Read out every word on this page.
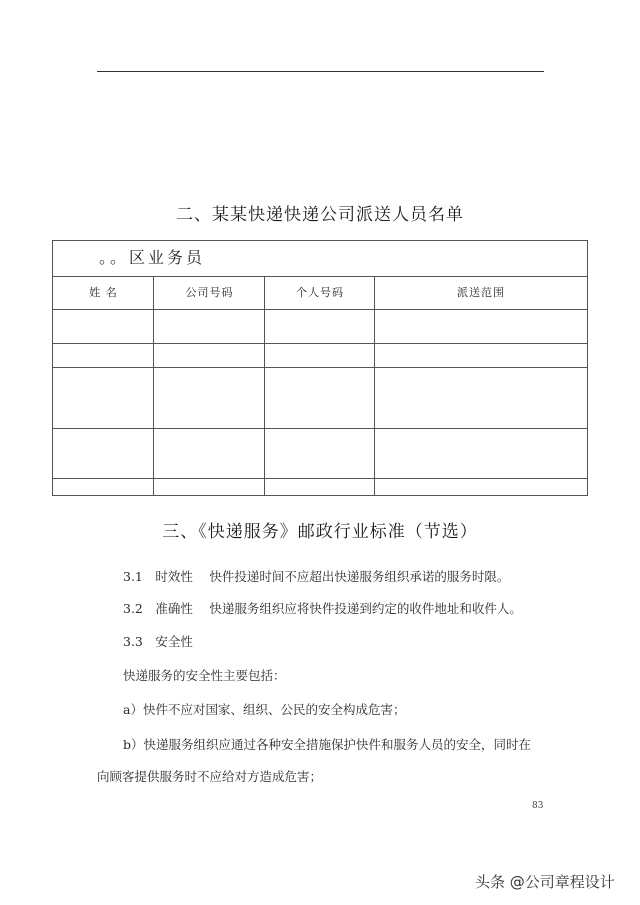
二、某某快递快递公司派送人员名单
。。区业务员
姓 名	公司号码	个人号码	派送范围
三、《快递服务》邮政行业标准（节选）
3.1　时效性　 快件投递时间不应超出快递服务组织承诺的服务时限。
3.2　准确性　 快递服务组织应将快件投递到约定的收件地址和收件人。
3.3　安全性
快递服务的安全性主要包括：
a）快件不应对国家、组织、公民的安全构成危害；
b）快递服务组织应通过各种安全措施保护快件和服务人员的安全，同时在
向顾客提供服务时不应给对方造成危害；
83
头条 @公司章程设计
